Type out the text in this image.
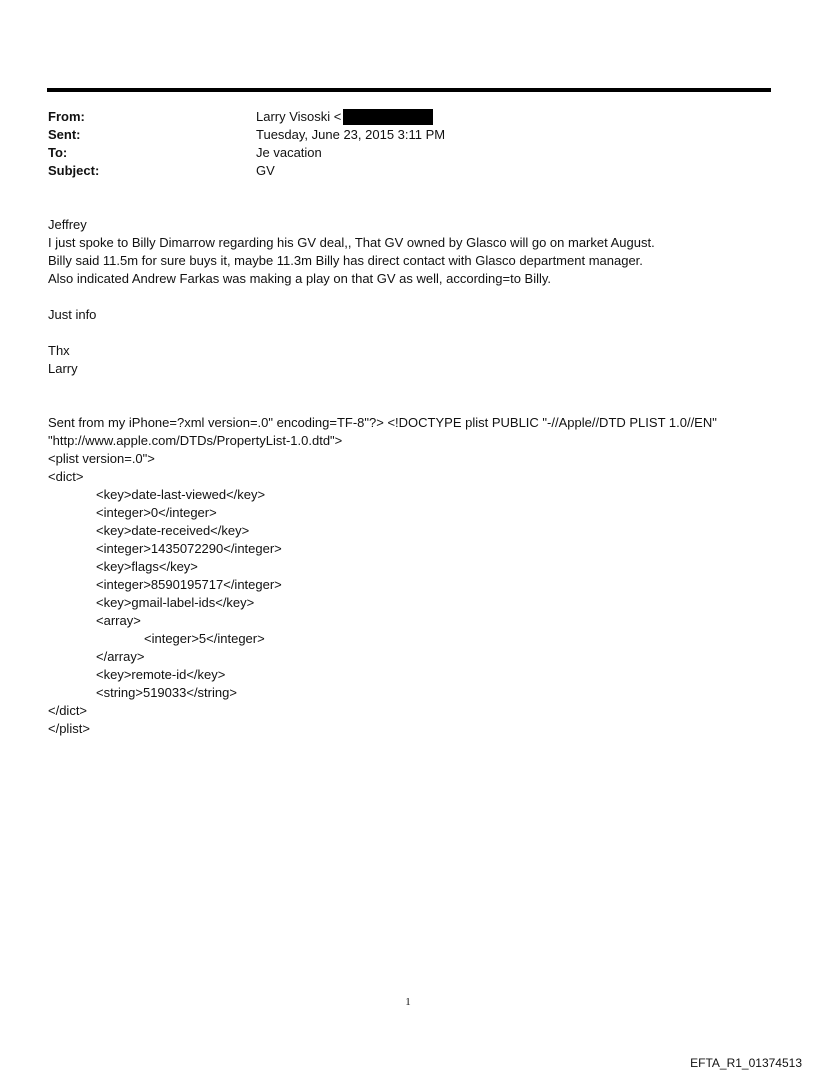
From:	Larry Visoski <
Sent:	Tuesday, June 23, 2015 3:11 PM
To:	Je vacation
Subject:	GV
Jeffrey
I just spoke to Billy Dimarrow regarding his GV deal,, That GV owned by Glasco will go on market August.
Billy said 11.5m for sure buys it, maybe 11.3m Billy has direct contact with Glasco department manager.
Also indicated Andrew Farkas was making a play on that GV as well, according=to Billy.
Just info
Thx
Larry
Sent from my iPhone=?xml version=.0" encoding=TF-8"?> <!DOCTYPE plist PUBLIC "-//Apple//DTD PLIST 1.0//EN"
"http://www.apple.com/DTDs/PropertyList-1.0.dtd">
<plist version=.0">
<dict>
<key>date-last-viewed</key>
<integer>0</integer>
<key>date-received</key>
<integer>1435072290</integer>
<key>flags</key>
<integer>8590195717</integer>
<key>gmail-label-ids</key>
<array>
<integer>5</integer>
</array>
<key>remote-id</key>
<string>519033</string>
</dict>
</plist>
1
EFTA_R1_01374513
